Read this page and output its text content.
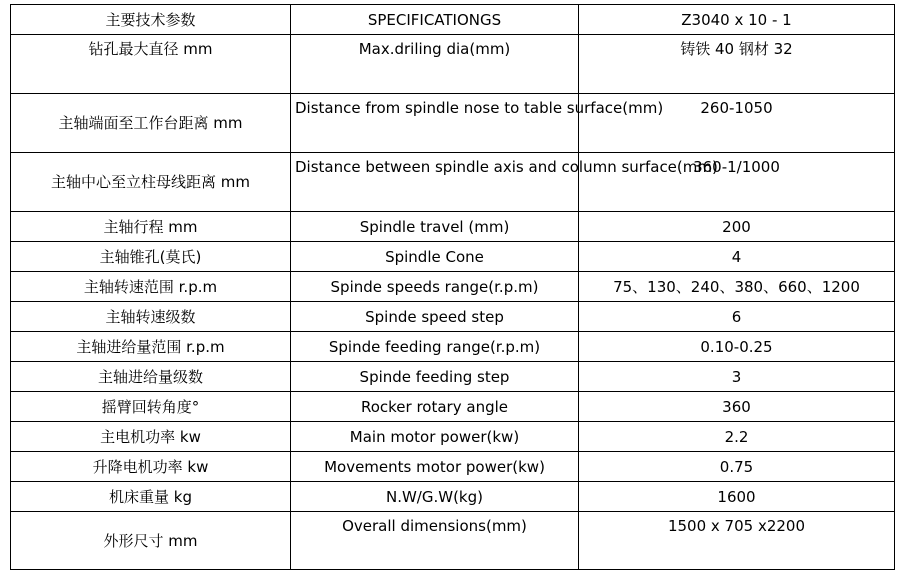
主要技术参数	SPECIFICATIONGS	Z3040 x 10 - 1
钻孔最大直径 mm	Max.driling dia(mm)	铸铁 40 钢材 32
主轴端面至工作台距离 mm	Distance from spindle nose to table surface(mm)	260-1050
主轴中心至立柱母线距离 mm	Distance between spindle axis and column surface(mm)	360-1/1000
主轴行程 mm	Spindle travel (mm)	200
主轴锥孔(莫氏)	Spindle Cone	4
主轴转速范围 r.p.m	Spinde speeds range(r.p.m)	75、130、240、380、660、1200
主轴转速级数	Spinde speed step	6
主轴进给量范围 r.p.m	Spinde feeding range(r.p.m)	0.10-0.25
主轴进给量级数	Spinde feeding step	3
摇臂回转角度°	Rocker rotary angle	360
主电机功率 kw	Main motor power(kw)	2.2
升降电机功率 kw	Movements motor power(kw)	0.75
机床重量 kg	N.W/G.W(kg)	1600
外形尺寸 mm	Overall dimensions(mm)	1500 x 705 x2200
